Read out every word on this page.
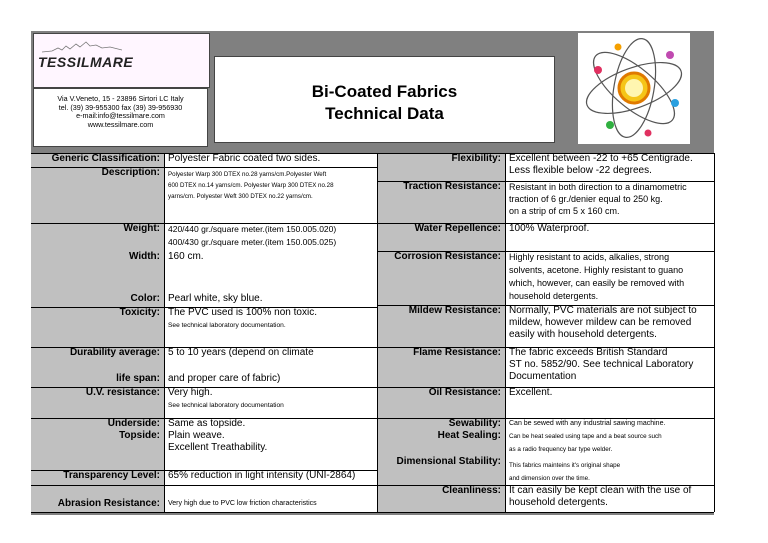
TESSILMARE
Via V.Veneto, 15 - 23896 Sirtori LC Italy
tel. (39) 39-955300 fax (39) 39-956930
e-mail:info@tessilmare.com
www.tessilmare.com
Bi-Coated Fabrics
Technical Data
Generic Classification:
Description:
Weight:
Width:
Color:
Toxicity:
Durability average:
life span:
U.V. resistance:
Underside:
Topside:
Transparency Level:
Abrasion Resistance:
Polyester Fabric coated two sides.
Polyester Warp 300 DTEX no.28 yarns/cm.Polyester Weft
600 DTEX no.14 yarns/cm. Polyester Warp 300 DTEX no.28
yarns/cm. Polyester Weft 300 DTEX no.22 yarns/cm.
420/440 gr./square meter.(item 150.005.020)
400/430 gr./square meter.(item 150.005.025)
160 cm.
Pearl white, sky blue.
The PVC used is 100% non toxic.
See technical laboratory documentation.
5 to 10 years (depend on climate
and proper care of fabric)
Very high.
See technical laboratory documentation
Same as topside.
Plain weave.
Excellent Treathability.
65% reduction in light intensity (UNI-2864)
Very high due to PVC low friction characteristics
Flexibility:
Traction Resistance:
Water Repellence:
Corrosion Resistance:
Mildew Resistance:
Flame Resistance:
Oil Resistance:
Sewability:
Heat Sealing:
Dimensional Stability:
Cleanliness:
Excellent between -22 to +65 Centigrade.
Less flexible below -22 degrees.
Resistant in both direction to a dinamometric
traction of 6 gr./denier equal to 250 kg.
on a strip of cm 5 x 160 cm.
100% Waterproof.
Highly resistant to acids, alkalies, strong
solvents, acetone. Highly resistant to guano
which, however, can easily be removed with
household detergents.
Normally, PVC materials are not subject to
mildew, however mildew can be removed
easily with household detergents.
The fabric exceeds British Standard
ST no. 5852/90. See technical Laboratory
Documentation
Excellent.
Can be sewed with any industrial sawing machine.
Can be heat sealed using tape and a beat source such
as a radio frequency bar type welder.
This fabrics mainteins it's original shape
and dimension over the time.
It can easily be kept clean with the use of
household detergents.
